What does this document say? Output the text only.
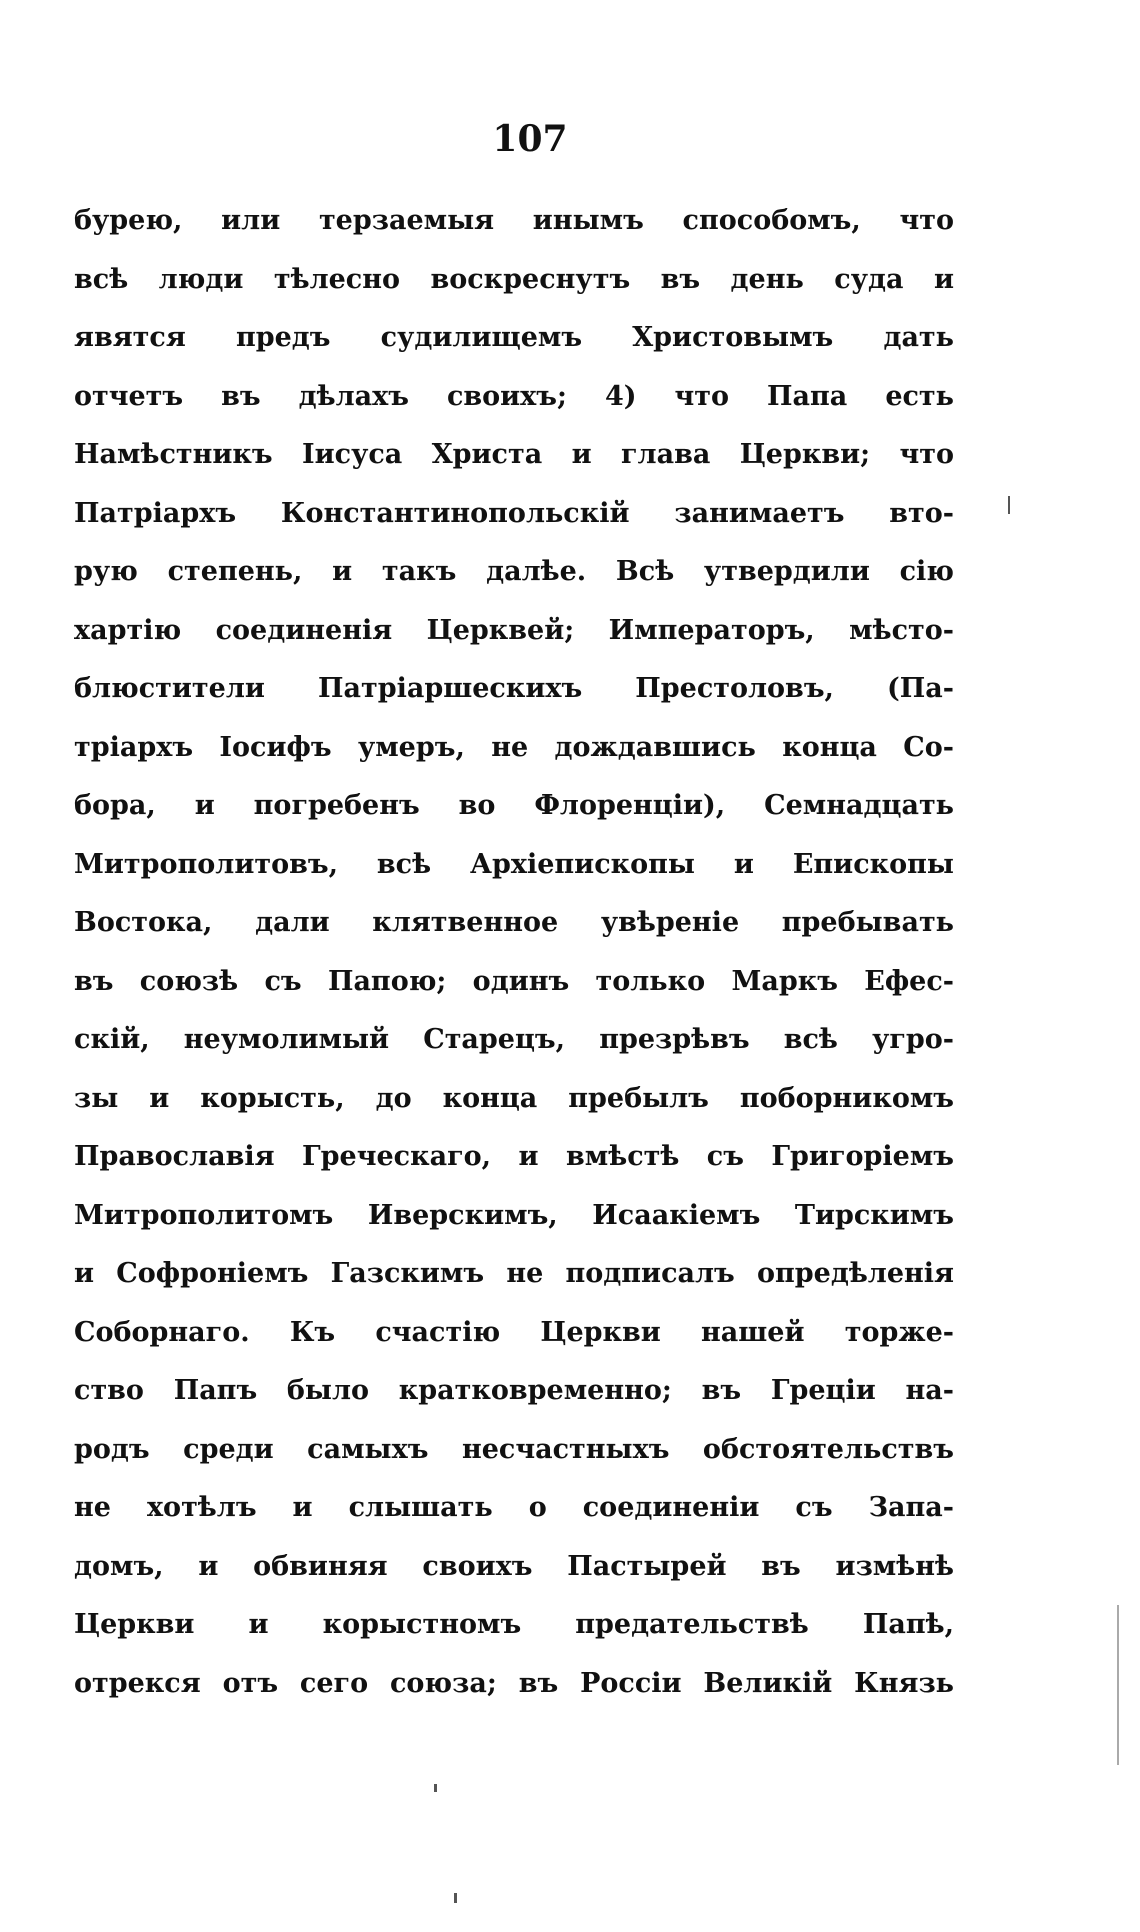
107
бурею, или терзаемыя инымъ способомъ, что
всѣ люди тѣлесно воскреснутъ въ день суда и
явятся предъ судилищемъ Христовымъ дать
отчетъ въ дѣлахъ своихъ; 4) что Папа есть
Намѣстникъ Іисуса Христа и глава Церкви; что
Патріархъ Константинопольскій занимаетъ вто-
рую степень, и такъ далѣе. Всѣ утвердили сію
хартію соединенія Церквей; Императоръ, мѣсто-
блюстители Патріаршескихъ Престоловъ, (Па-
тріархъ Іосифъ умеръ, не дождавшись конца Со-
бора, и погребенъ во Флоренціи), Семнадцать
Митрополитовъ, всѣ Архіепископы и Епископы
Востока, дали клятвенное увѣреніе пребывать
въ союзѣ съ Папою; одинъ только Маркъ Ефес-
скій, неумолимый Старецъ, презрѣвъ всѣ угро-
зы и корысть, до конца пребылъ поборникомъ
Православія Греческаго, и вмѣстѣ съ Григоріемъ
Митрополитомъ Иверскимъ, Исаакіемъ Тирскимъ
и Софроніемъ Газскимъ не подписалъ опредѣленія
Соборнаго. Къ счастію Церкви нашей торже-
ство Папъ было кратковременно; въ Греціи на-
родъ среди самыхъ несчастныхъ обстоятельствъ
не хотѣлъ и слышать о соединеніи съ Запа-
домъ, и обвиняя своихъ Пастырей въ измѣнѣ
Церкви и корыстномъ предательствѣ Папѣ,
отрекся отъ сего союза; въ Россіи Великій Князь
